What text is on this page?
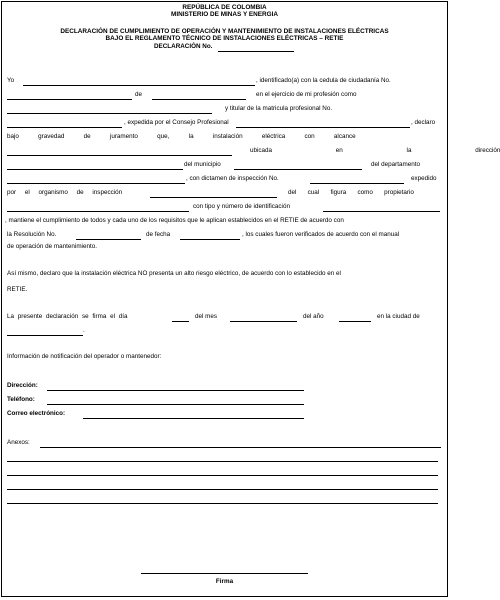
REPÚBLICA DE COLOMBIA
MINISTERIO DE MINAS Y ENERGIA
DECLARACIÓN DE CUMPLIMIENTO DE OPERACIÓN Y MANTENIMIENTO DE INSTALACIONES ELÉCTRICAS
BAJO EL REGLAMENTO TÉCNICO DE INSTALACIONES ELÉCTRICAS – RETIE
DECLARACIÓN No.
Yo	, identificado(a) con la cedula de ciudadanía No.
de	en el ejercicio de mi profesión como
y titular de la matricula profesional No.
, expedida por el Consejo Profesional	, declaro
bajo gravedad de juramento que, la instalación eléctrica con alcance
ubicada en la dirección
del municipio	del departamento
, con dictamen de inspección No.	expedido
por el organismo de inspección	del cual figura como propietario
con tipo y número de identificación
, mantiene el cumplimiento de todos y cada uno de los requisitos que le aplican establecidos en el RETIE de acuerdo con
la Resolución No.	de fecha	, los cuales fueron verificados de acuerdo con el manual
de operación de mantenimiento.
Así mismo, declaro que la instalación eléctrica NO presenta un alto riesgo eléctrico, de acuerdo con lo establecido en el
RETIE.
La presente declaración se firma el día	del mes	del año	en la ciudad de
.
Información de notificación del operador o mantenedor:
Dirección:
Teléfono:
Correo electrónico:
Anexos:
Firma
